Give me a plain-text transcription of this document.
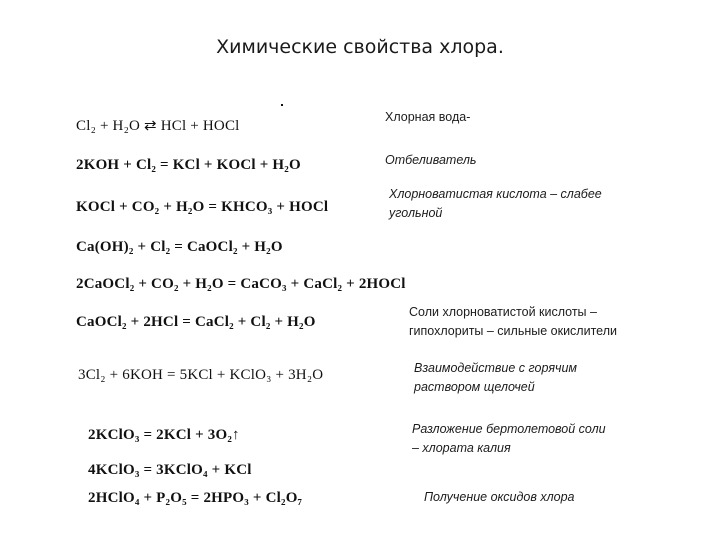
Химические свойства хлора.
Cl₂ + H₂O ⇄ HCl + HOCl
2KOH + Cl₂ = KCl + KOCl + H₂O
KOCl + CO₂ + H₂O = KHCO₃ + HOCl
Ca(OH)₂ + Cl₂ = CaOCl₂ + H₂O
2CaOCl₂ + CO₂ + H₂O = CaCO₃ + CaCl₂ + 2HOCl
CaOCl₂ + 2HCl = CaCl₂ + Cl₂ + H₂O
3Cl₂ + 6KOH = 5KCl + KClO₃ + 3H₂O
2KClO₃ = 2KCl + 3O₂↑
4KClO₃ = 3KClO₄ + KCl
2HClO₄ + P₂O₅ = 2HPO₃ + Cl₂O₇
Хлорная вода-
Отбеливатель
Хлорноватистая кислота – слабее
угольной
Соли хлорноватистой кислоты –
гипохлориты – сильные окислители
Взаимодействие с горячим
раствором щелочей
Разложение бертолетовой соли
– хлората калия
Получение оксидов хлора
